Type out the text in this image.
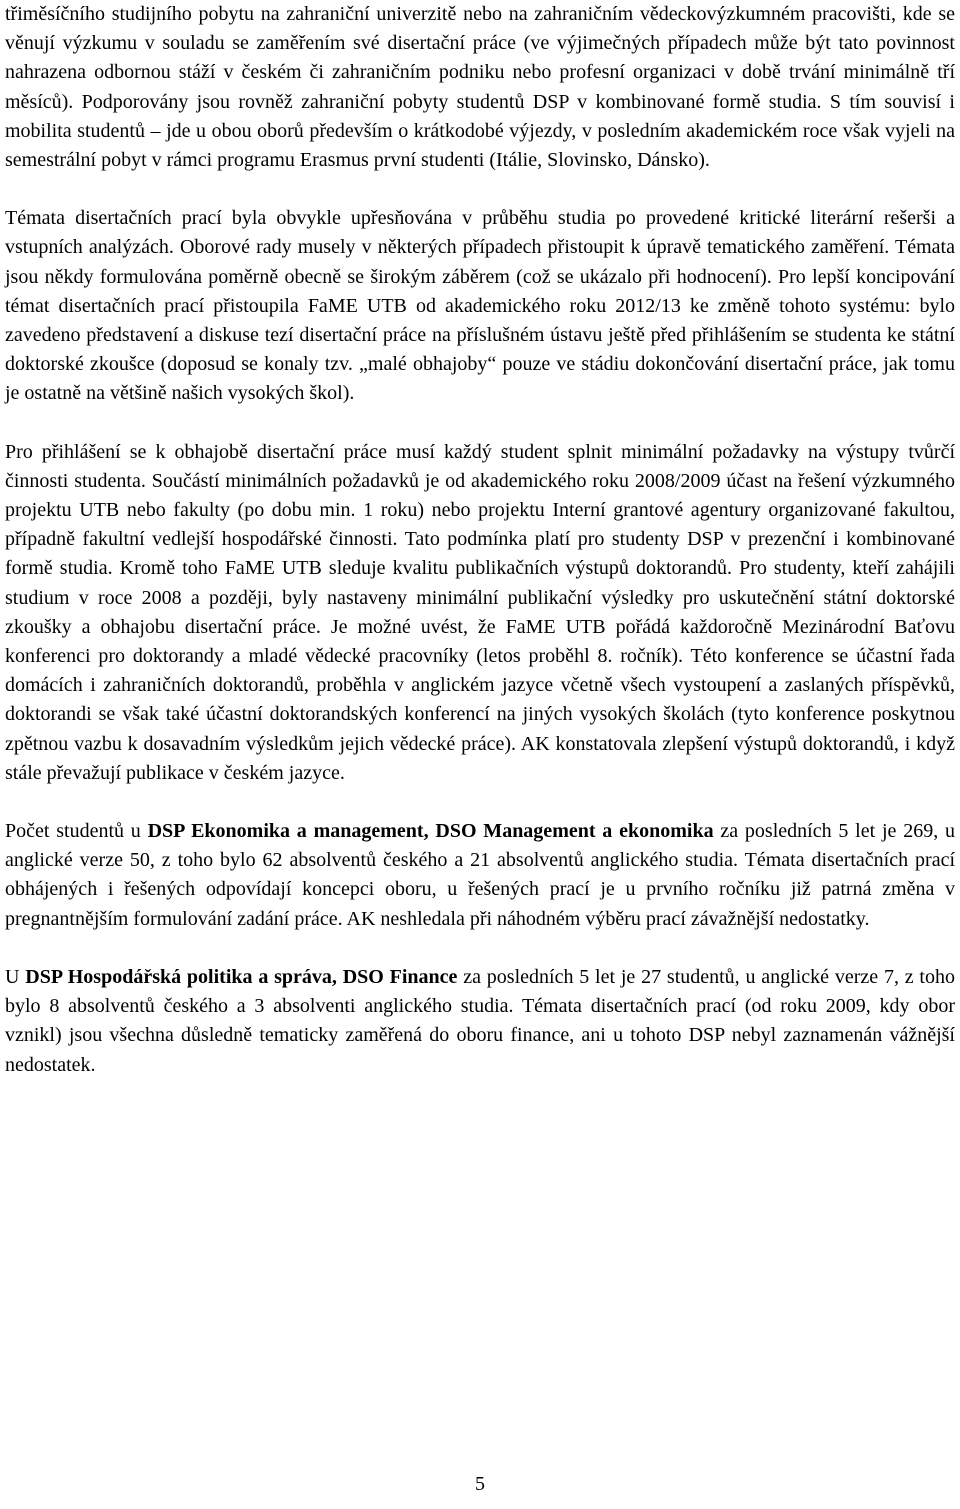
třiměsíčního studijního pobytu na zahraniční univerzitě nebo na zahraničním vědeckovýzkumném pracovišti, kde se věnují výzkumu v souladu se zaměřením své disertační práce (ve výjimečných případech může být tato povinnost nahrazena odbornou stáží v českém či zahraničním podniku nebo profesní organizaci v době trvání minimálně tří měsíců). Podporovány jsou rovněž zahraniční pobyty studentů DSP v kombinované formě studia. S tím souvisí i mobilita studentů – jde u obou oborů především o krátkodobé výjezdy, v posledním akademickém roce však vyjeli na semestrální pobyt v rámci programu Erasmus první studenti (Itálie, Slovinsko, Dánsko).

Témata disertačních prací byla obvykle upřesňována v průběhu studia po provedené kritické literární rešerši a vstupních analýzách. Oborové rady musely v některých případech přistoupit k úpravě tematického zaměření. Témata jsou někdy formulována poměrně obecně se širokým záběrem (což se ukázalo při hodnocení). Pro lepší koncipování témat disertačních prací přistoupila FaME UTB od akademického roku 2012/13 ke změně tohoto systému: bylo zavedeno představení a diskuse tezí disertační práce na příslušném ústavu ještě před přihlášením se studenta ke státní doktorské zkoušce (doposud se konaly tzv. „malé obhajoby“ pouze ve stádiu dokončování disertační práce, jak tomu je ostatně na většině našich vysokých škol).

Pro přihlášení se k obhajobě disertační práce musí každý student splnit minimální požadavky na výstupy tvůrčí činnosti studenta. Součástí minimálních požadavků je od akademického roku 2008/2009 účast na řešení výzkumného projektu UTB nebo fakulty (po dobu min. 1 roku) nebo projektu Interní grantové agentury organizované fakultou, případně fakultní vedlejší hospodářské činnosti. Tato podmínka platí pro studenty DSP v prezenční i kombinované formě studia. Kromě toho FaME UTB sleduje kvalitu publikačních výstupů doktorandů. Pro studenty, kteří zahájili studium v roce 2008 a později, byly nastaveny minimální publikační výsledky pro uskutečnění státní doktorské zkoušky a obhajobu disertační práce. Je možné uvést, že FaME UTB pořádá každoročně Mezinárodní Baťovu konferenci pro doktorandy a mladé vědecké pracovníky (letos proběhl 8. ročník). Této konference se účastní řada domácích i zahraničních doktorandů, proběhla v anglickém jazyce včetně všech vystoupení a zaslaných příspěvků, doktorandi se však také účastní doktorandských konferencí na jiných vysokých školách (tyto konference poskytnou zpětnou vazbu k dosavadním výsledkům jejich vědecké práce). AK konstatovala zlepšení výstupů doktorandů, i když stále převažují publikace v českém jazyce.

Počet studentů u DSP Ekonomika a management, DSO Management a ekonomika za posledních 5 let je 269, u anglické verze 50, z toho bylo 62 absolventů českého a 21 absolventů anglického studia. Témata disertačních prací obhájených i řešených odpovídají koncepci oboru, u řešených prací je u prvního ročníku již patrná změna v pregnantnějším formulování zadání práce. AK neshledala při náhodném výběru prací závažnější nedostatky.

U DSP Hospodářská politika a správa, DSO Finance za posledních 5 let je 27 studentů, u anglické verze 7, z toho bylo 8 absolventů českého a 3 absolventi anglického studia. Témata disertačních prací (od roku 2009, kdy obor vznikl) jsou všechna důsledně tematicky zaměřená do oboru finance, ani u tohoto DSP nebyl zaznamenán vážnější nedostatek.

5
